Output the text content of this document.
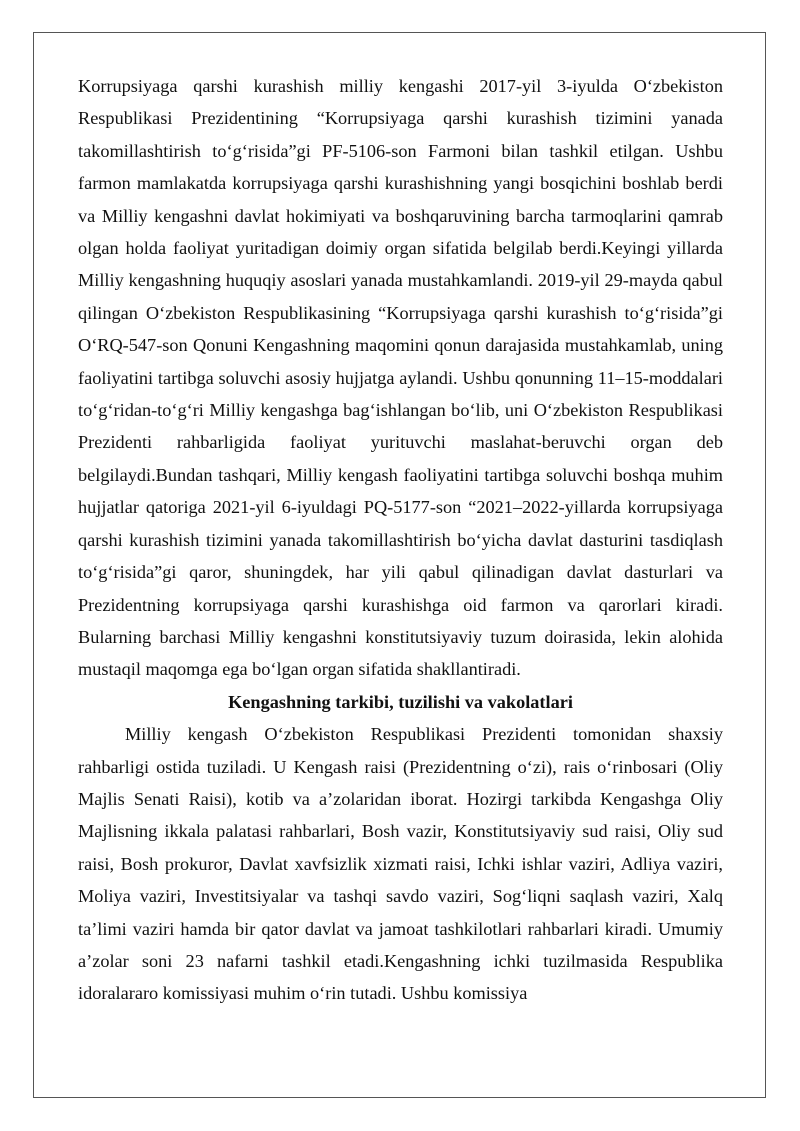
Korrupsiyaga qarshi kurashish milliy kengashi 2017-yil 3-iyulda O‘zbekiston Respublikasi Prezidentining “Korrupsiyaga qarshi kurashish tizimini yanada takomillashtirish to‘g‘risida”gi PF-5106-son Farmoni bilan tashkil etilgan. Ushbu farmon mamlakatda korrupsiyaga qarshi kurashishning yangi bosqichini boshlab berdi va Milliy kengashni davlat hokimiyati va boshqaruvining barcha tarmoqlarini qamrab olgan holda faoliyat yuritadigan doimiy organ sifatida belgilab berdi.Keyingi yillarda Milliy kengashning huquqiy asoslari yanada mustahkamlandi. 2019-yil 29-mayda qabul qilingan O‘zbekiston Respublikasining “Korrupsiyaga qarshi kurashish to‘g‘risida”gi O‘RQ-547-son Qonuni Kengashning maqomini qonun darajasida mustahkamlab, uning faoliyatini tartibga soluvchi asosiy hujjatga aylandi. Ushbu qonunning 11–15-moddalari to‘g‘ridan-to‘g‘ri Milliy kengashga bag‘ishlangan bo‘lib, uni O‘zbekiston Respublikasi Prezidenti rahbarligida faoliyat yurituvchi maslahat-beruvchi organ deb belgilaydi.Bundan tashqari, Milliy kengash faoliyatini tartibga soluvchi boshqa muhim hujjatlar qatoriga 2021-yil 6-iyuldagi PQ-5177-son “2021–2022-yillarda korrupsiyaga qarshi kurashish tizimini yanada takomillashtirish bo‘yicha davlat dasturini tasdiqlash to‘g‘risida”gi qaror, shuningdek, har yili qabul qilinadigan davlat dasturlari va Prezidentning korrupsiyaga qarshi kurashishga oid farmon va qarorlari kiradi. Bularning barchasi Milliy kengashni konstitutsiyaviy tuzum doirasida, lekin alohida mustaqil maqomga ega bo‘lgan organ sifatida shakllantiradi.

Kengashning tarkibi, tuzilishi va vakolatlari

Milliy kengash O‘zbekiston Respublikasi Prezidenti tomonidan shaxsiy rahbarligi ostida tuziladi. U Kengash raisi (Prezidentning o‘zi), rais o‘rinbosari (Oliy Majlis Senati Raisi), kotib va a’zolaridan iborat. Hozirgi tarkibda Kengashga Oliy Majlisning ikkala palatasi rahbarlari, Bosh vazir, Konstitutsiyaviy sud raisi, Oliy sud raisi, Bosh prokuror, Davlat xavfsizlik xizmati raisi, Ichki ishlar vaziri, Adliya vaziri, Moliya vaziri, Investitsiyalar va tashqi savdo vaziri, Sog‘liqni saqlash vaziri, Xalq ta’limi vaziri hamda bir qator davlat va jamoat tashkilotlari rahbarlari kiradi. Umumiy a’zolar soni 23 nafarni tashkil etadi.Kengashning ichki tuzilmasida Respublika idoralararo komissiyasi muhim o‘rin tutadi. Ushbu komissiya
